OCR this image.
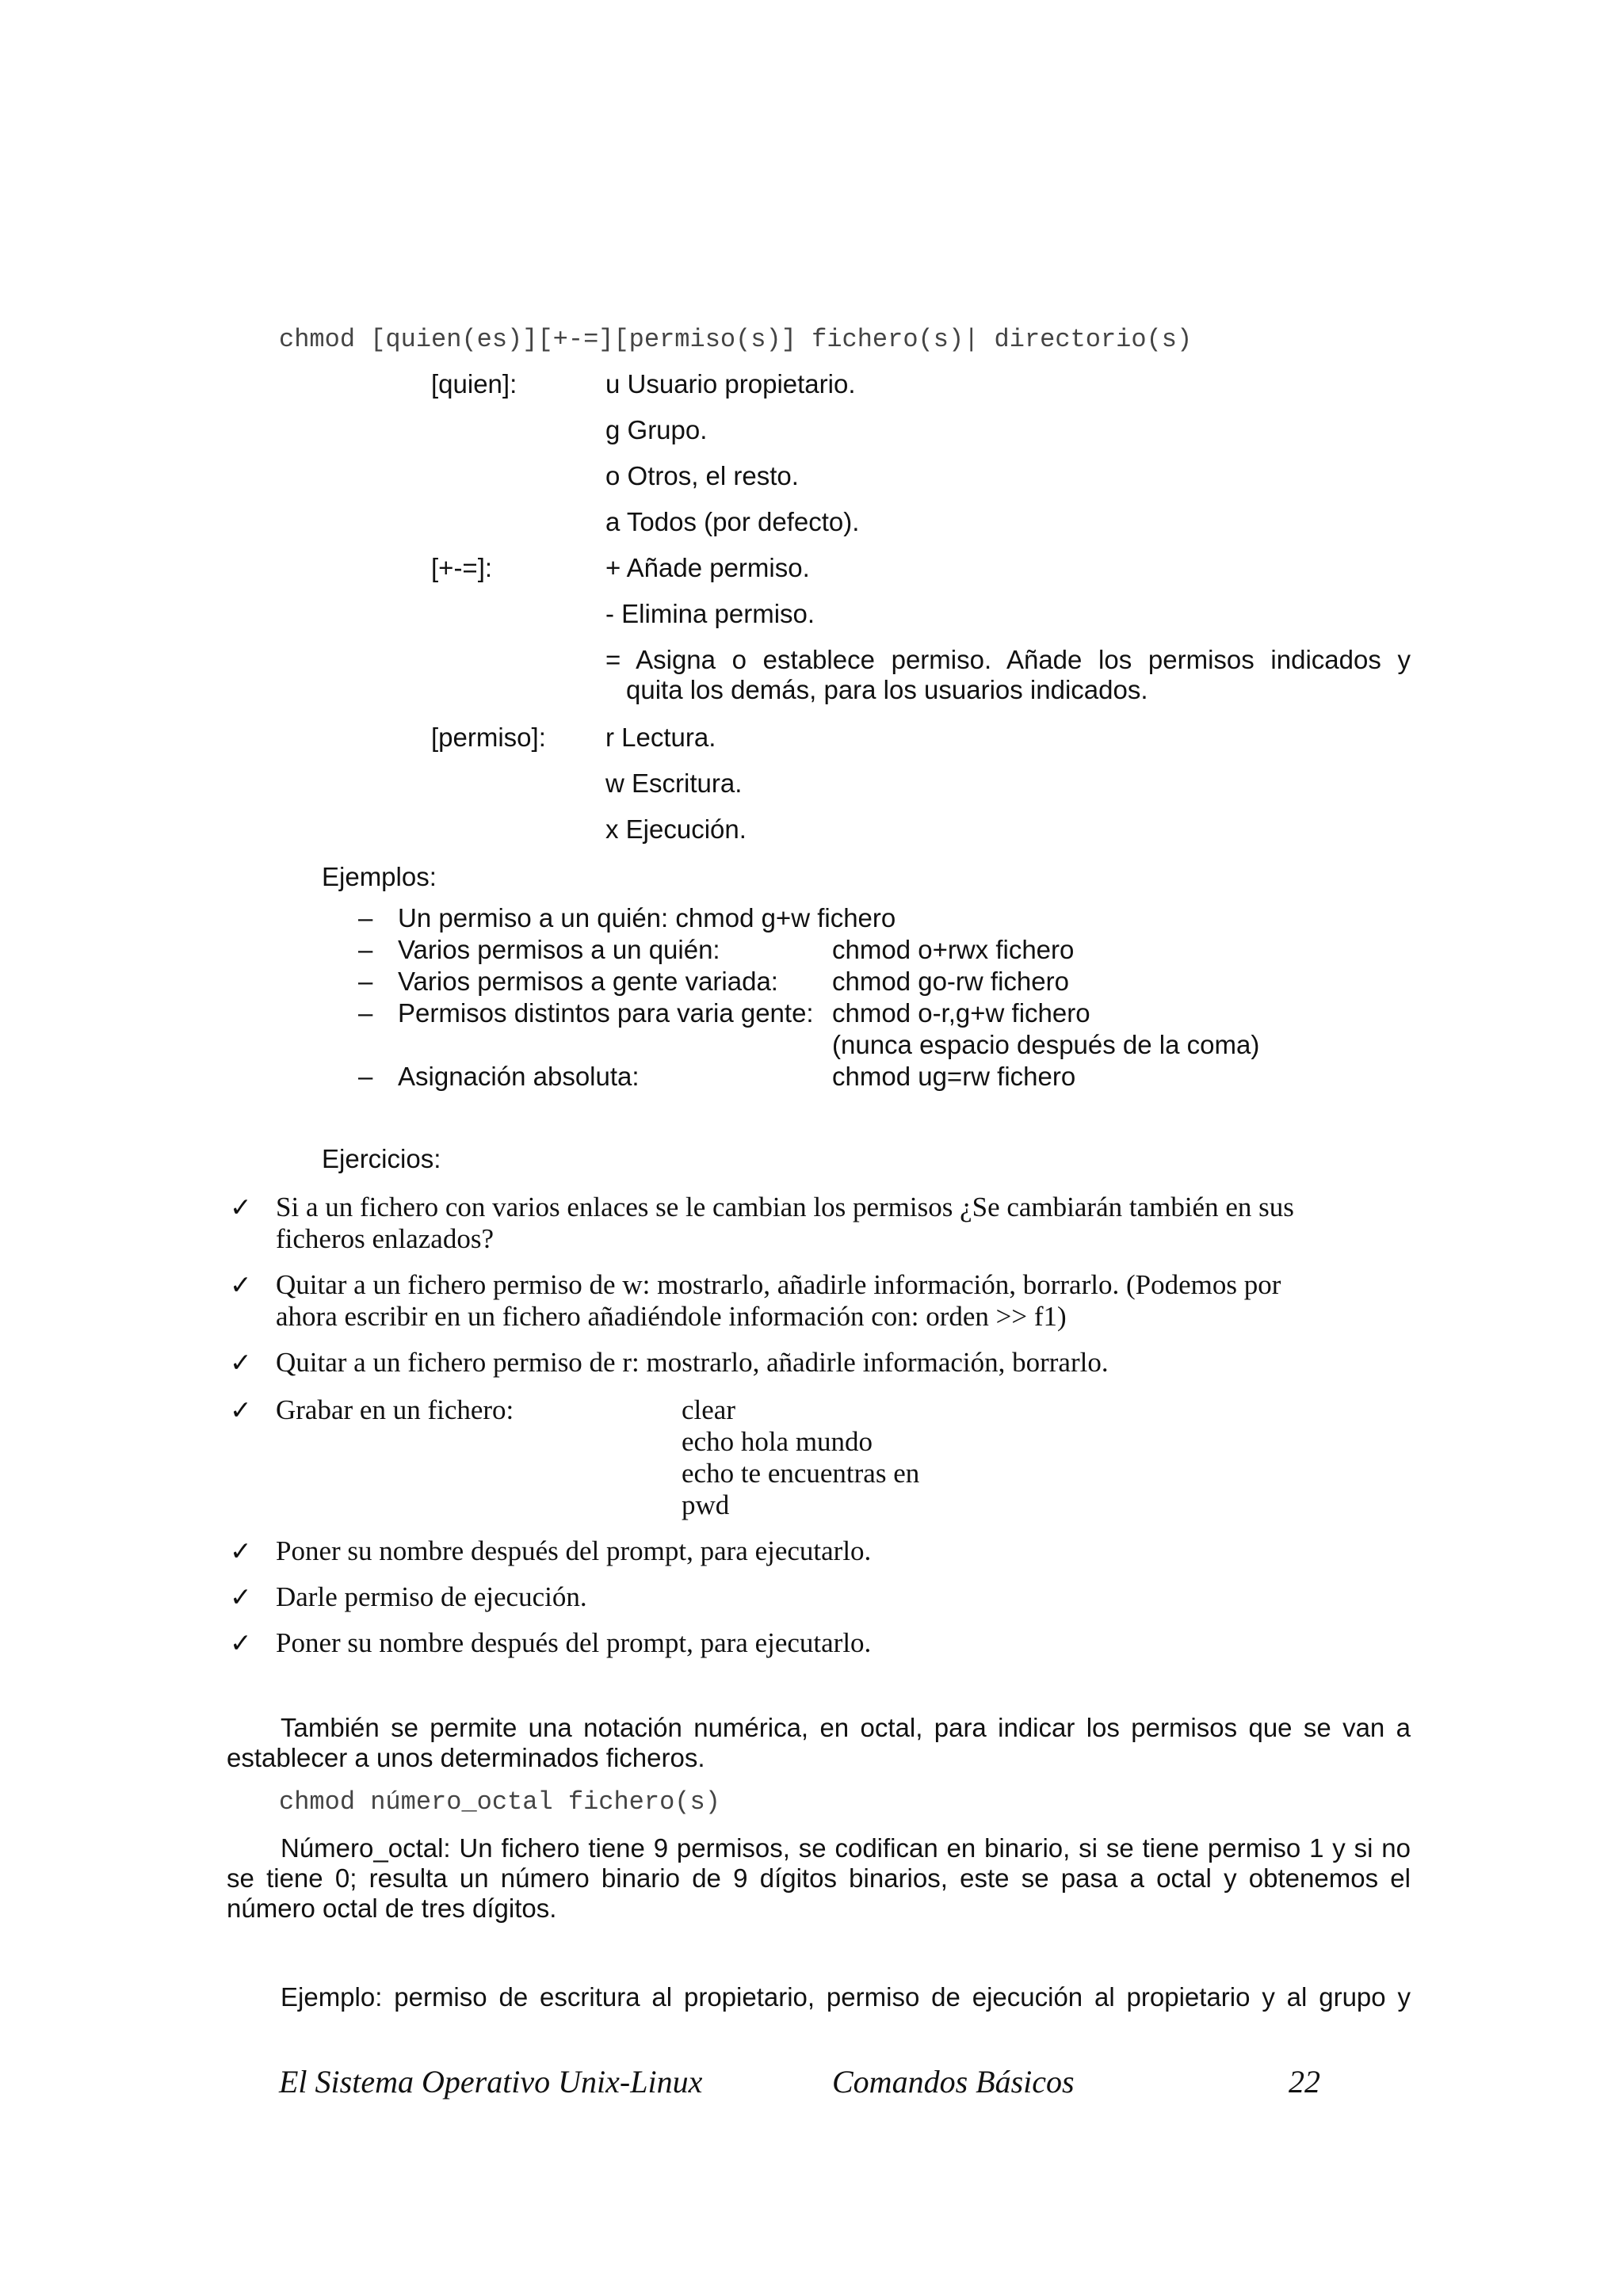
chmod [quien(es)][+-=][permiso(s)] fichero(s)| directorio(s)
[quien]:	u Usuario propietario.
g Grupo.
o Otros, el resto.
a Todos (por defecto).
[+-=]:	+ Añade permiso.
- Elimina permiso.
= Asigna o establece permiso. Añade los permisos indicados y
quita los demás, para los usuarios indicados.
[permiso]: r Lectura.
w Escritura.
x Ejecución.
Ejemplos:
– Un permiso a un quién: chmod g+w fichero
– Varios permisos a un quién:	chmod o+rwx fichero
– Varios permisos a gente variada: chmod go-rw fichero
– Permisos distintos para varia gente: chmod o-r,g+w fichero
(nunca espacio después de la coma)
– Asignación absoluta:	chmod ug=rw fichero
Ejercicios:
✓ Si a un fichero con varios enlaces se le cambian los permisos ¿Se cambiarán también en sus
ficheros enlazados?
✓ Quitar a un fichero permiso de w: mostrarlo, añadirle información, borrarlo. (Podemos por
ahora escribir en un fichero añadiéndole información con: orden >> f1)
✓ Quitar a un fichero permiso de r: mostrarlo, añadirle información, borrarlo.
✓ Grabar en un fichero:	clear
echo hola mundo
echo te encuentras en
pwd
✓ Poner su nombre después del prompt, para ejecutarlo.
✓ Darle permiso de ejecución.
✓ Poner su nombre después del prompt, para ejecutarlo.
También se permite una notación numérica, en octal, para indicar los permisos que se van a establecer a unos determinados ficheros.
chmod número_octal fichero(s)
Número_octal: Un fichero tiene 9 permisos, se codifican en binario, si se tiene permiso 1 y si no se tiene 0; resulta un número binario de 9 dígitos binarios, este se pasa a octal y obtenemos el número octal de tres dígitos.
Ejemplo: permiso de escritura al propietario, permiso de ejecución al propietario y al grupo y
El Sistema Operativo Unix-Linux	Comandos Básicos	22
